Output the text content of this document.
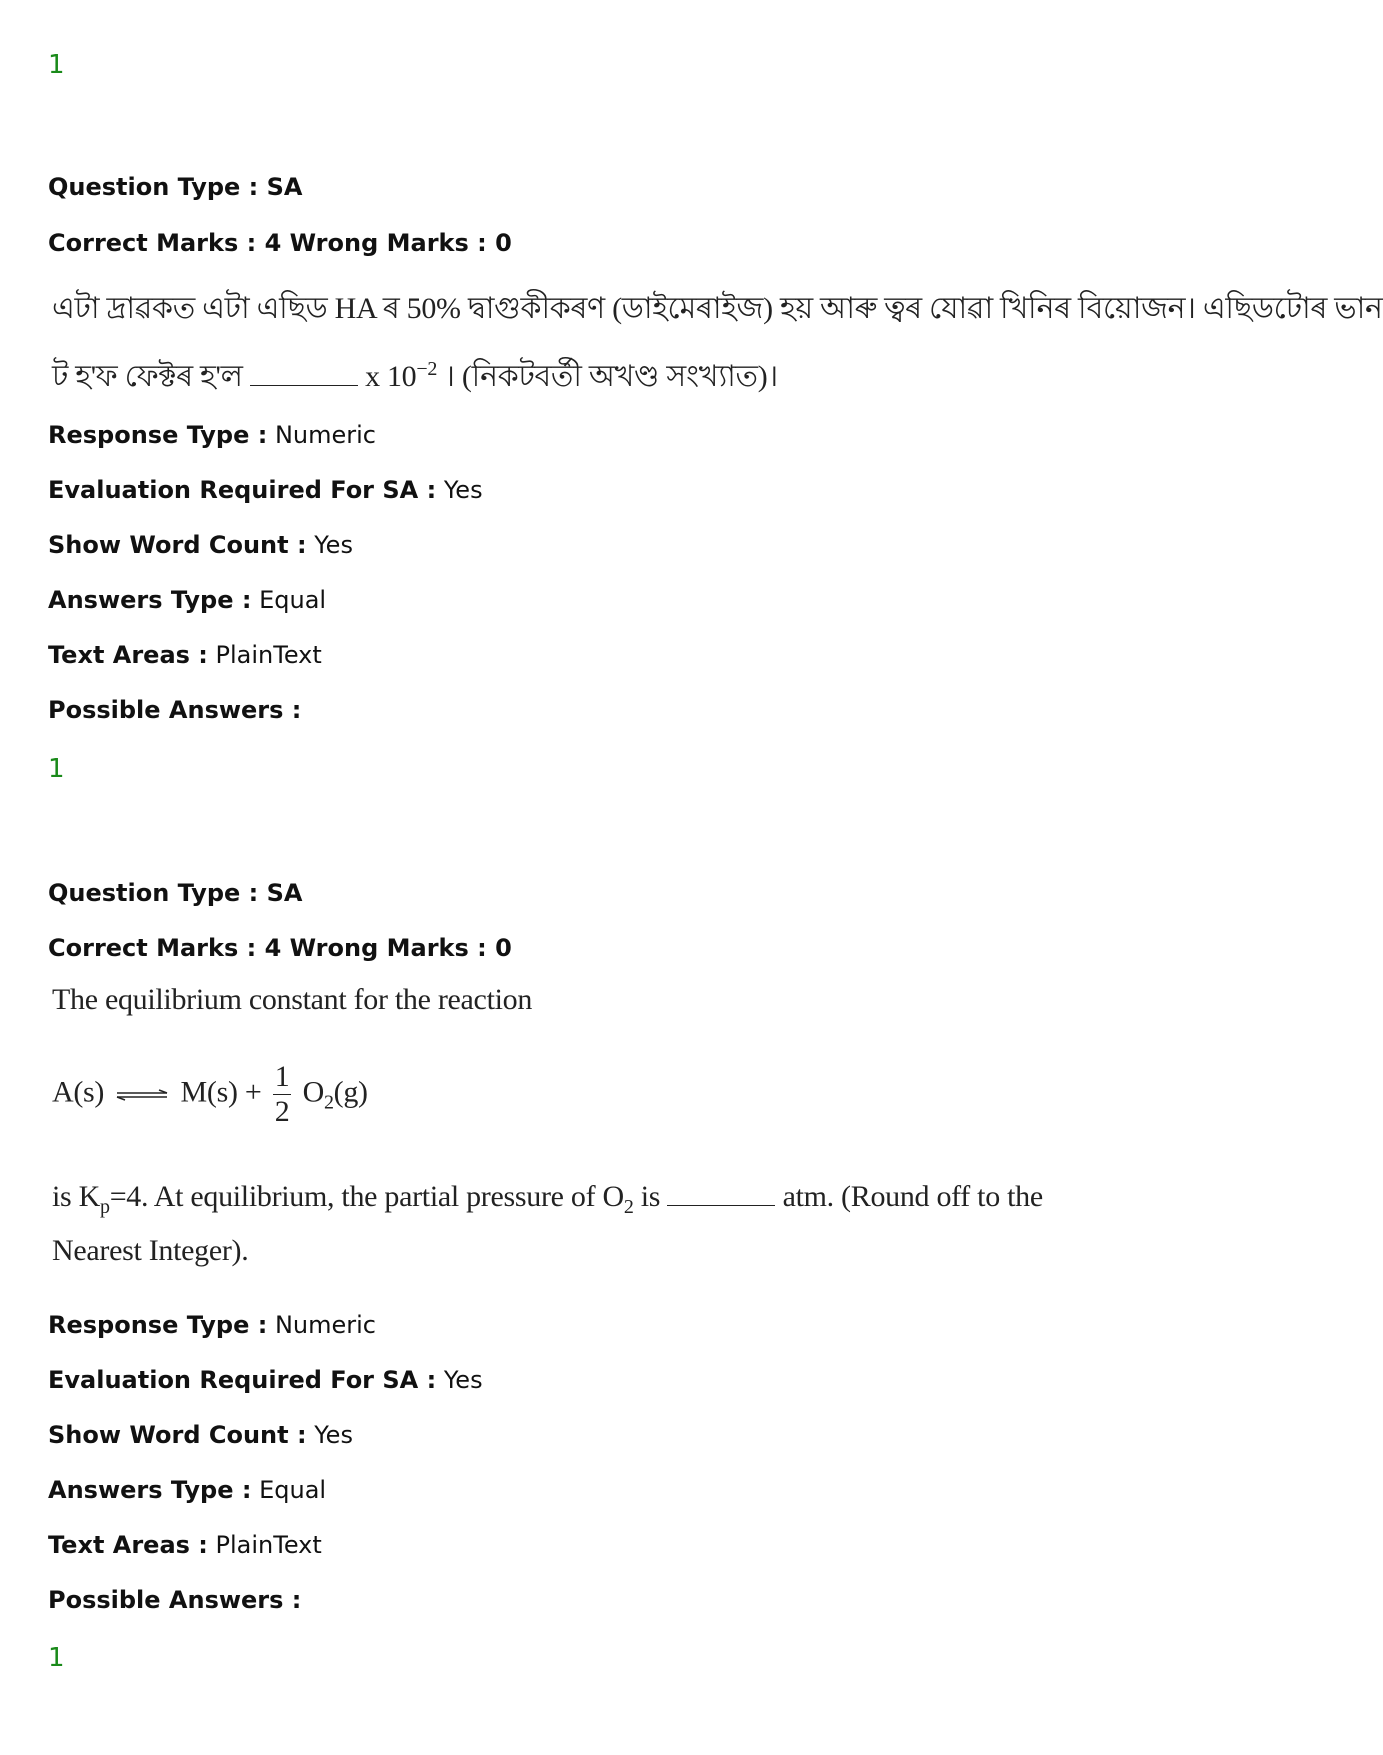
1
Question Type : SA
Correct Marks : 4 Wrong Marks : 0
এটা দ্রাৱকত এটা এছিড HA ৰ 50% দ্বাগুকীকৰণ (ডাইমেৰাইজ) হয় আৰু ত্বৰ যোৱা খিনিৰ বিয়োজন। এছিডটোৰ ভান
ট হ'ফ ফেক্টৰ হ'ল	x $10^{-2}$ । (নিকটবর্তী অখণ্ড সংখ্যাত)।
Response Type : Numeric
Evaluation Required For SA : Yes
Show Word Count : Yes
Answers Type : Equal
Text Areas : PlainText
Possible Answers :
1
Question Type : SA
Correct Marks : 4 Wrong Marks : 0
The equilibrium constant for the reaction
A(s) ⇌ $M(s) + \frac{1}{2} O_2(g)$
is $K_p=4$. At equilibrium, the partial pressure of $O_2$ is	atm. (Round off to the
Nearest Integer).
Response Type : Numeric
Evaluation Required For SA : Yes
Show Word Count : Yes
Answers Type : Equal
Text Areas : PlainText
Possible Answers :
1
